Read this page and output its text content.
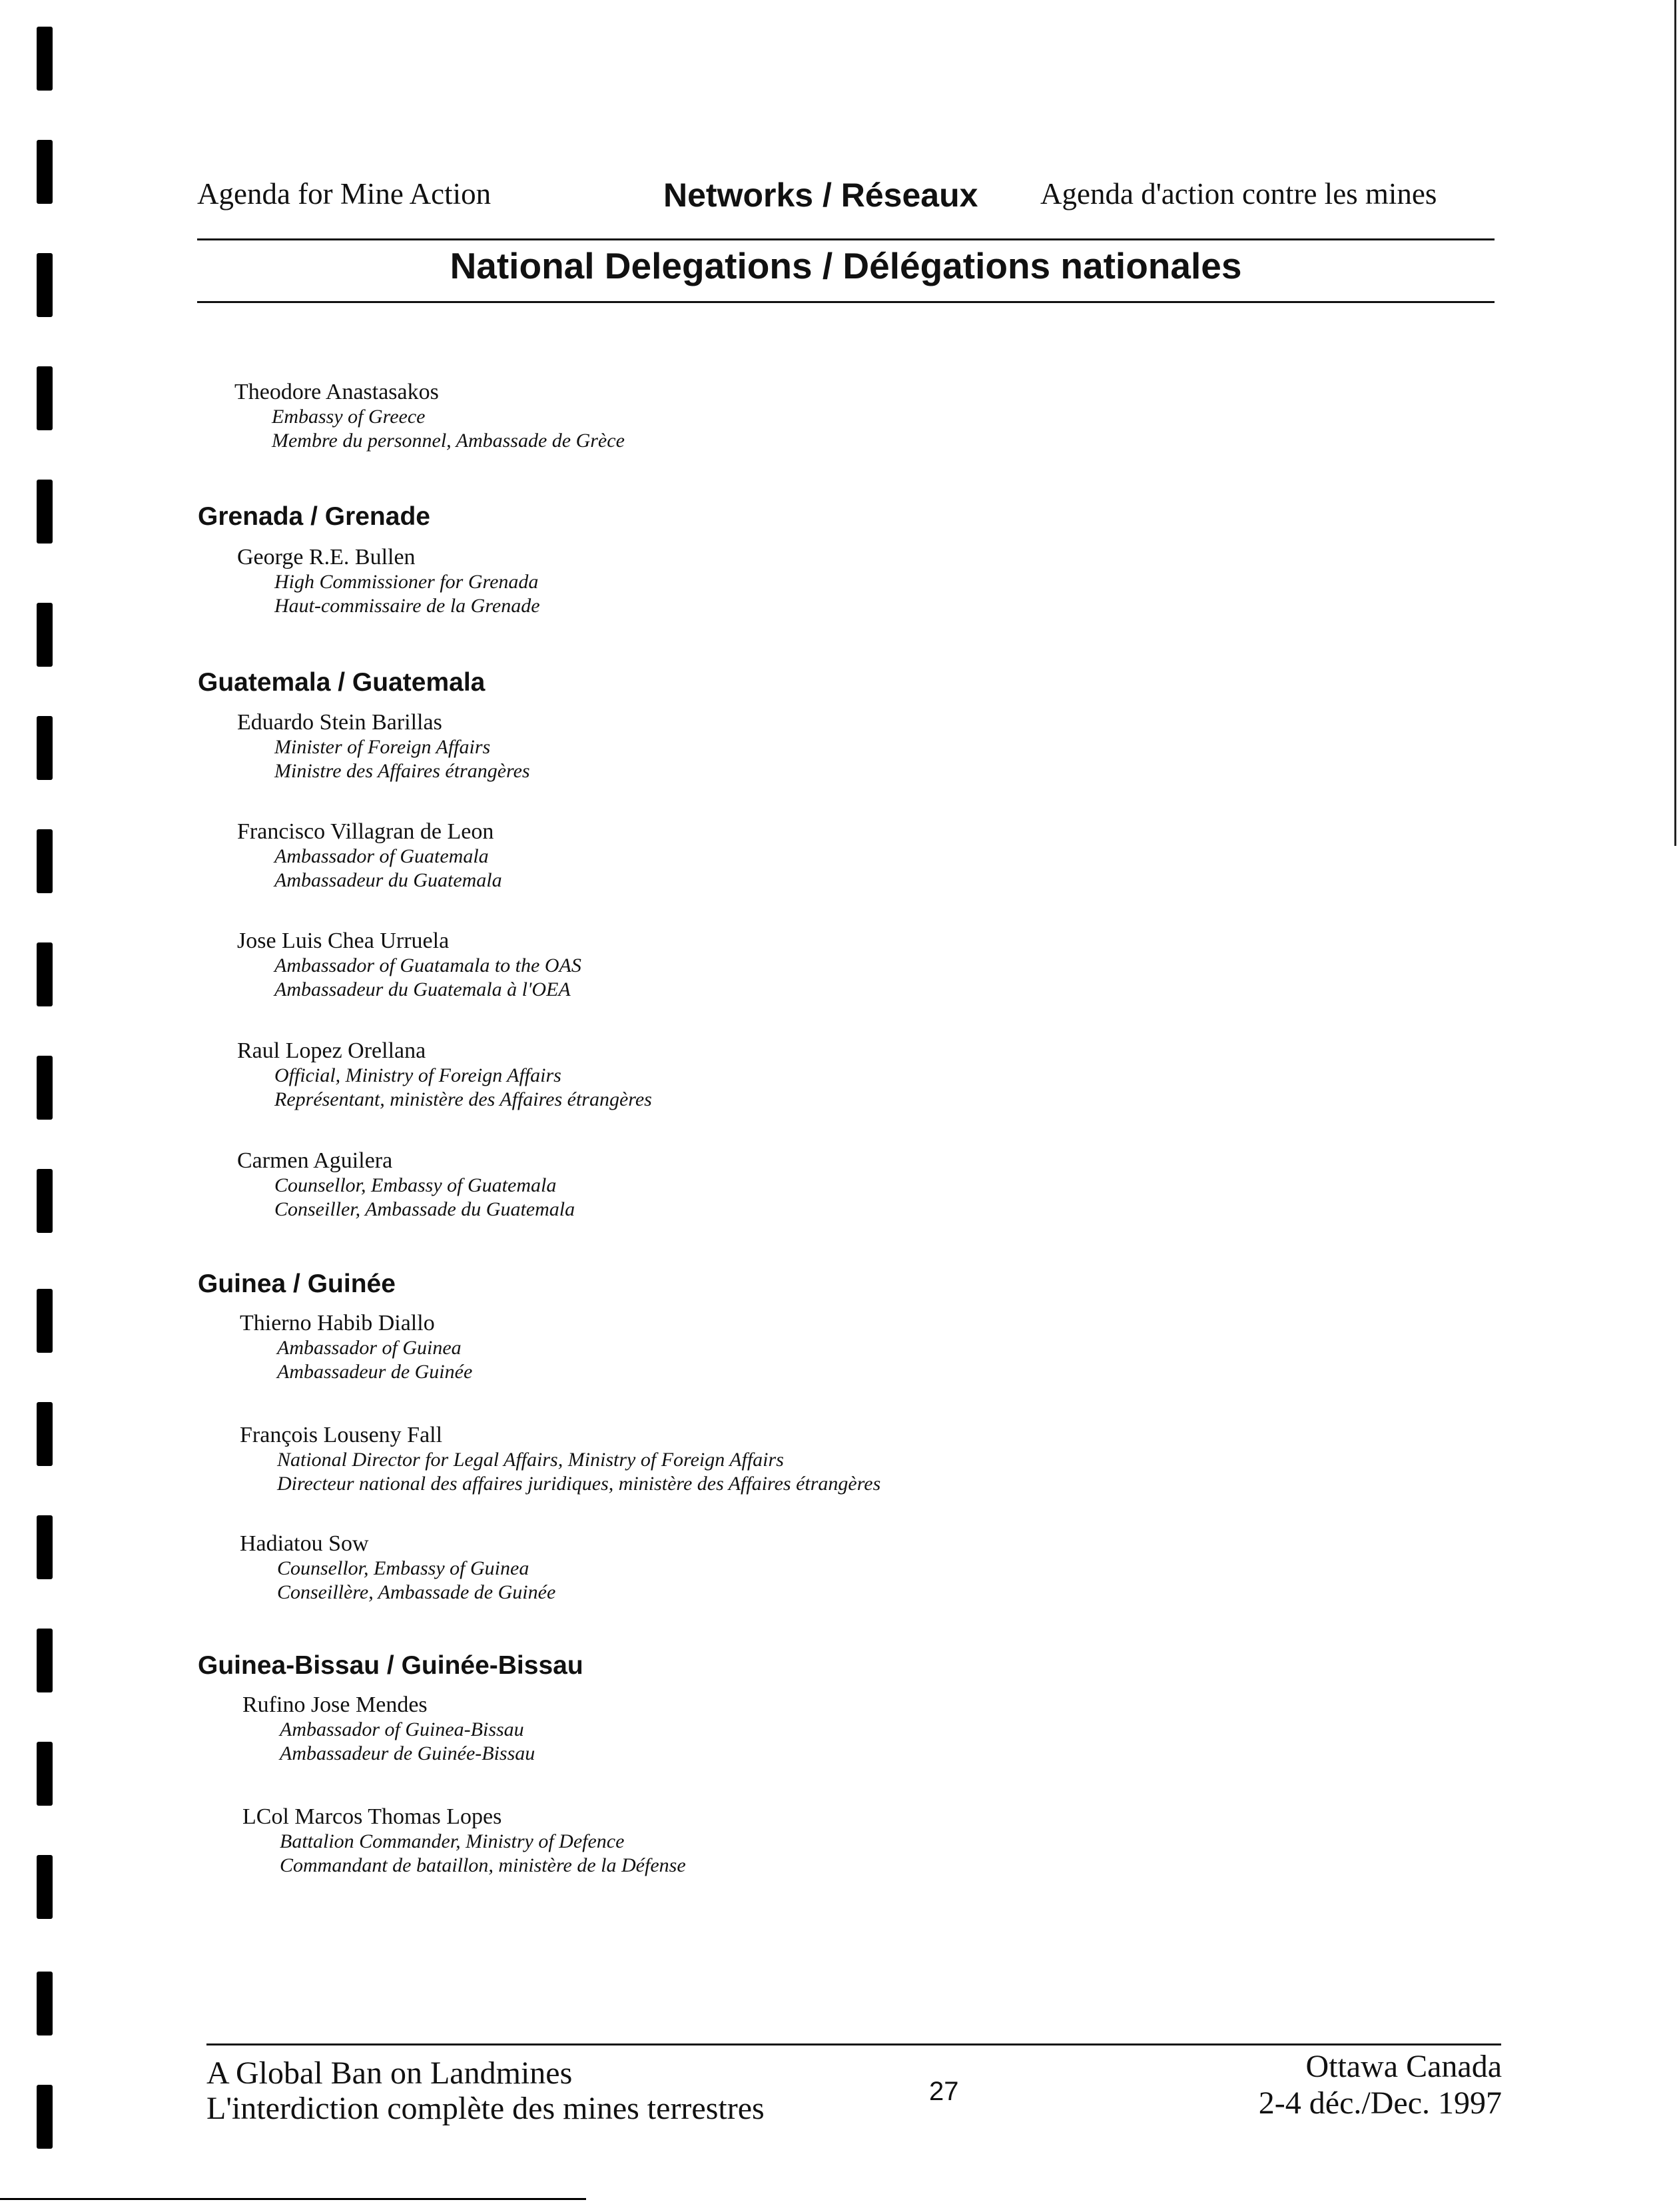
Agenda for Mine Action	Networks / Réseaux Agenda d'action contre les mines
National Delegations / Délégations nationales
Theodore Anastasakos
Embassy of Greece
Membre du personnel, Ambassade de Grèce
Grenada / Grenade
George R.E. Bullen
High Commissioner for Grenada
Haut-commissaire de la Grenade
Guatemala / Guatemala
Eduardo Stein Barillas
Minister of Foreign Affairs
Ministre des Affaires étrangères
Francisco Villagran de Leon
Ambassador of Guatemala
Ambassadeur du Guatemala
Jose Luis Chea Urruela
Ambassador of Guatamala to the OAS
Ambassadeur du Guatemala à l'OEA
Raul Lopez Orellana
Official, Ministry of Foreign Affairs
Représentant, ministère des Affaires étrangères
Carmen Aguilera
Counsellor, Embassy of Guatemala
Conseiller, Ambassade du Guatemala
Guinea / Guinée
Thierno Habib Diallo
Ambassador of Guinea
Ambassadeur de Guinée
François Louseny Fall
National Director for Legal Affairs, Ministry of Foreign Affairs
Directeur national des affaires juridiques, ministère des Affaires étrangères
Hadiatou Sow
Counsellor, Embassy of Guinea
Conseillère, Ambassade de Guinée
Guinea-Bissau / Guinée-Bissau
Rufino Jose Mendes
Ambassador of Guinea-Bissau
Ambassadeur de Guinée-Bissau
LCol Marcos Thomas Lopes
Battalion Commander, Ministry of Defence
Commandant de bataillon, ministère de la Défense
A Global Ban on Landmines
L'interdiction complète des mines terrestres	27
Ottawa Canada
2-4 déc./Dec. 1997
